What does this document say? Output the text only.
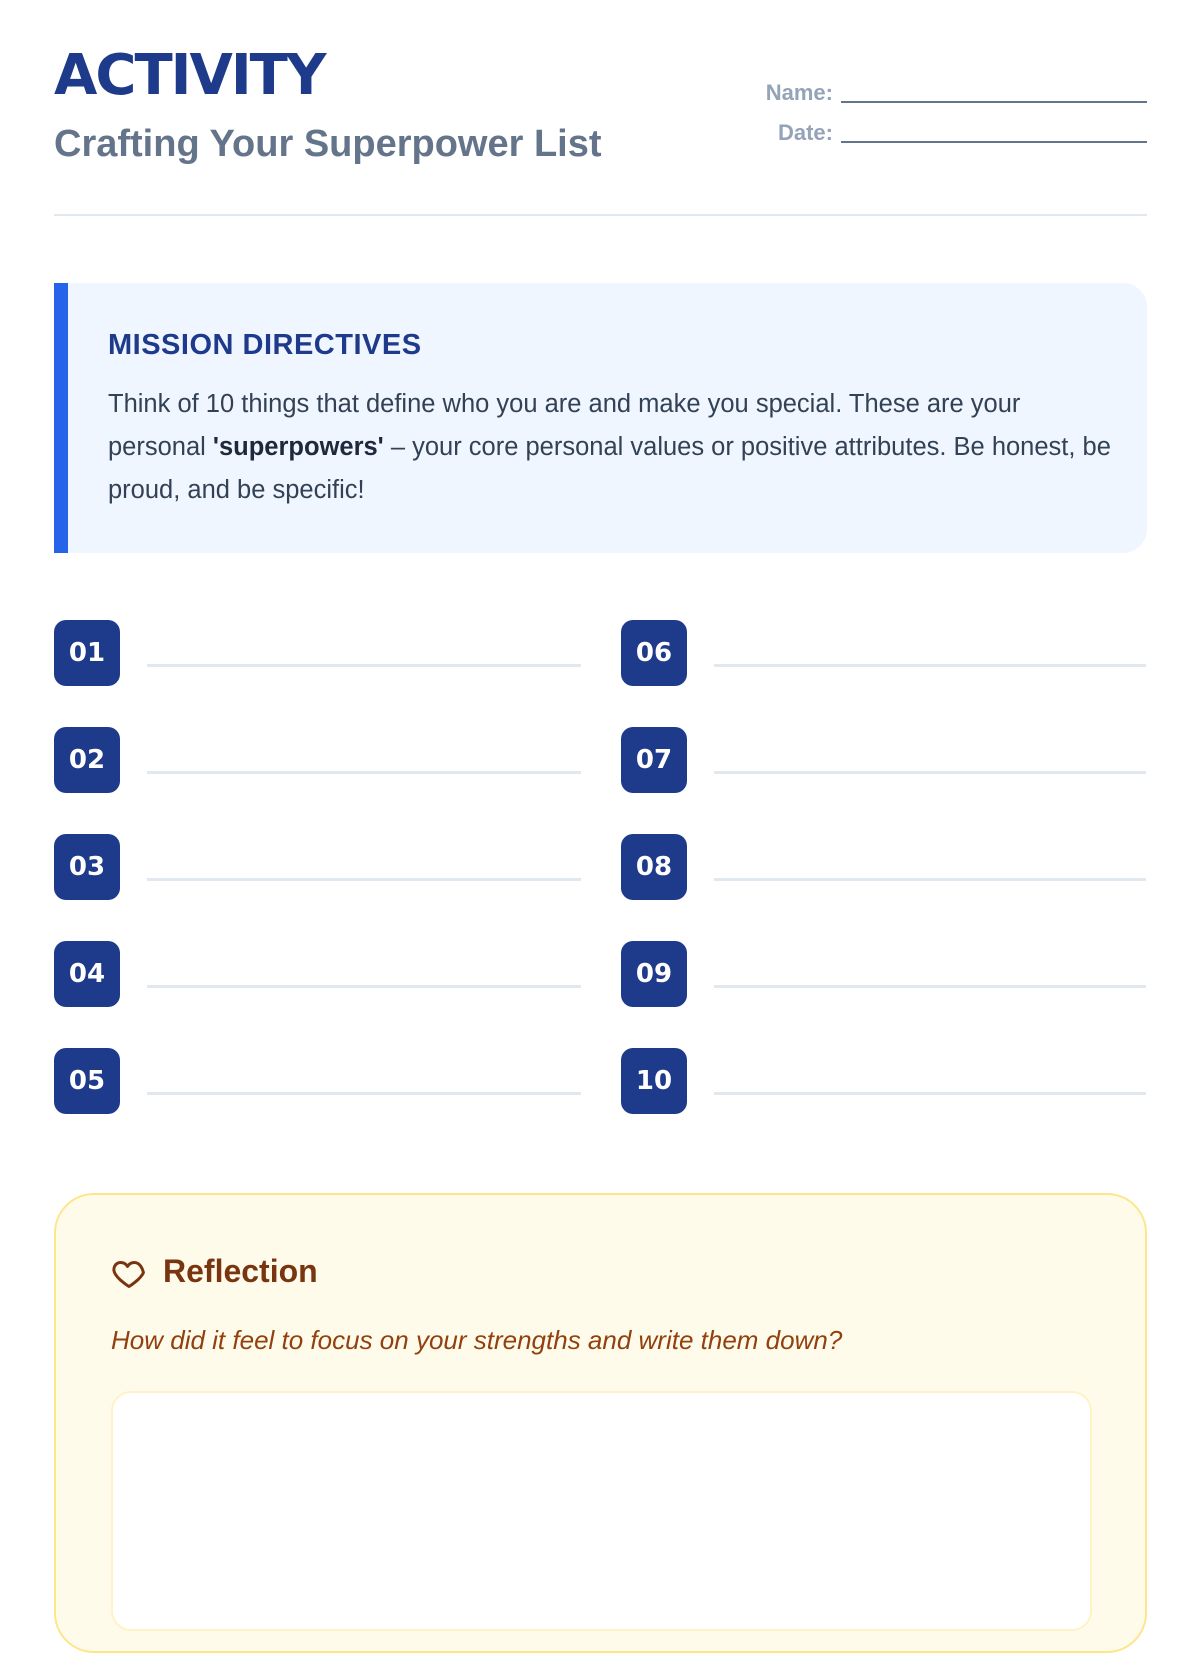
ACTIVITY
Crafting Your Superpower List
Name:
Date:
MISSION DIRECTIVES

Think of 10 things that define who you are and make you special. These are your personal 'superpowers' – your core personal values or positive attributes. Be honest, be proud, and be specific!

01
02
03
04
05
06
07
08
09
10
Reflection

How did it feel to focus on your strengths and write them down?
